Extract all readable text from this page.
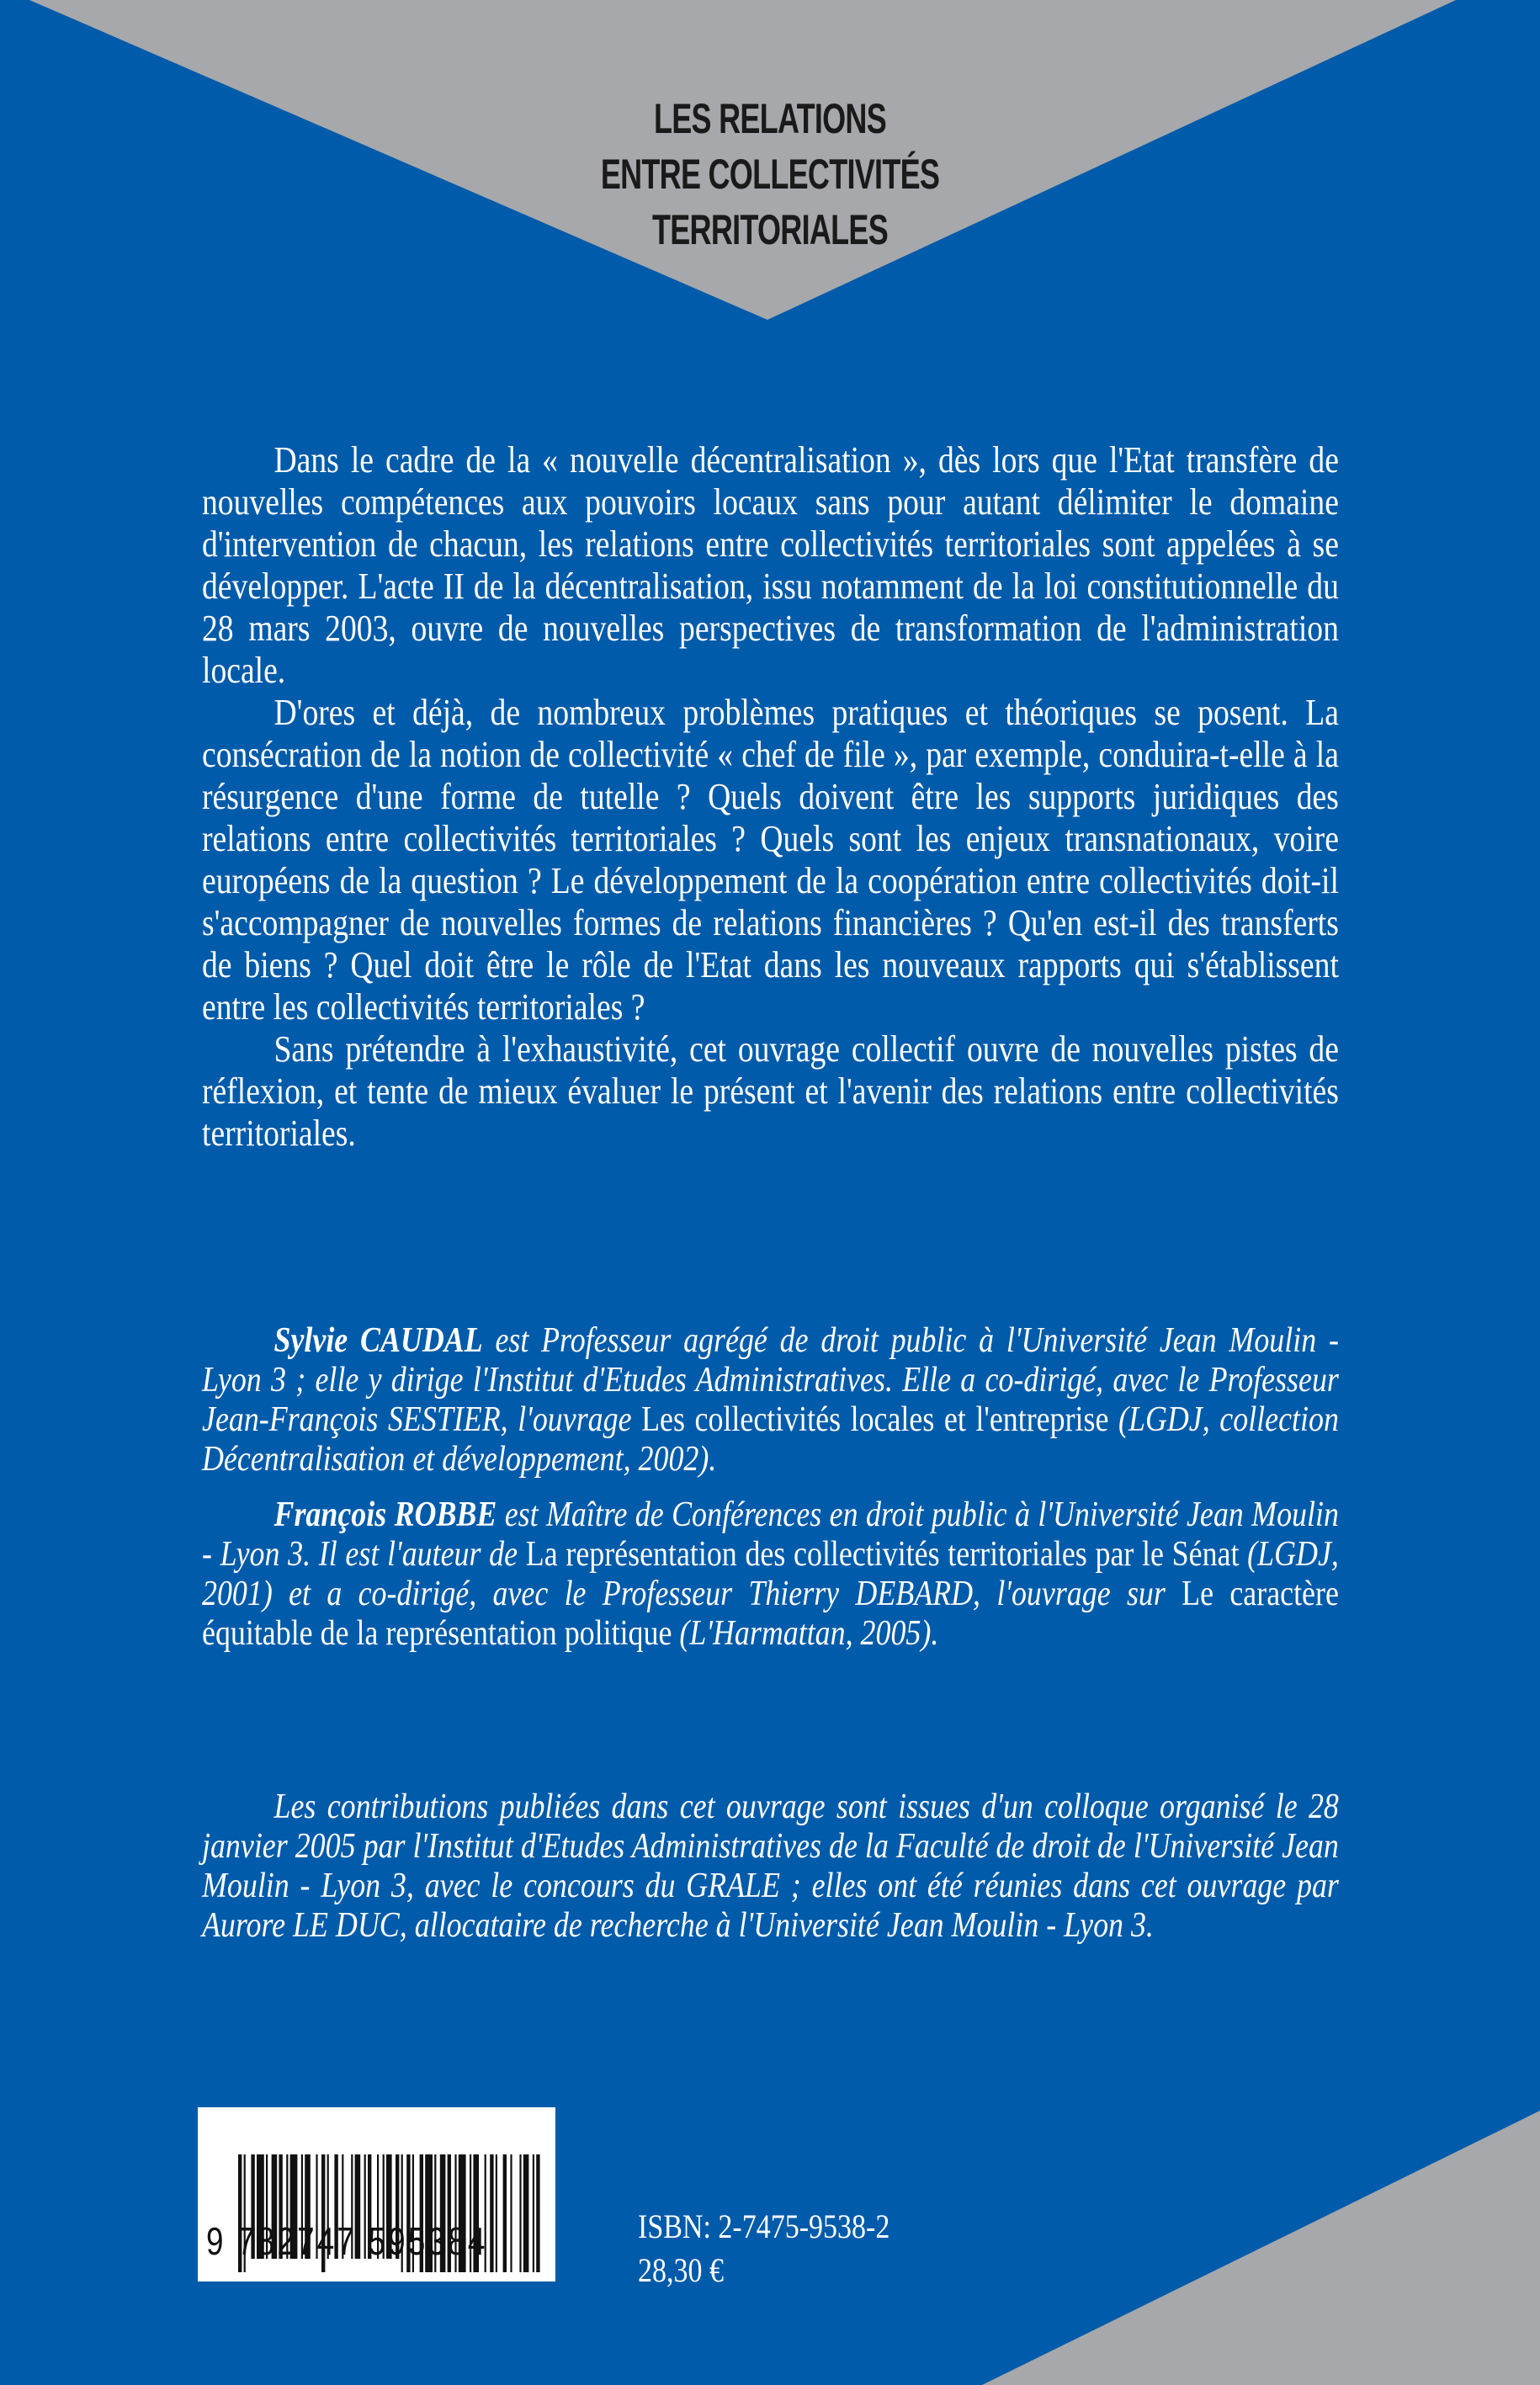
LES RELATIONS
ENTRE COLLECTIVITÉS
TERRITORIALES

Dans le cadre de la « nouvelle décentralisation », dès lors que l'Etat transfère de nouvelles compétences aux pouvoirs locaux sans pour autant délimiter le domaine d'intervention de chacun, les relations entre collectivités territoriales sont appelées à se développer. L'acte II de la décentralisation, issu notamment de la loi constitutionnelle du 28 mars 2003, ouvre de nouvelles perspectives de transformation de l'administration locale.

D'ores et déjà, de nombreux problèmes pratiques et théoriques se posent. La consécration de la notion de collectivité « chef de file », par exemple, conduira-t-elle à la résurgence d'une forme de tutelle ? Quels doivent être les supports juridiques des relations entre collectivités territoriales ? Quels sont les enjeux transnationaux, voire européens de la question ? Le développement de la coopération entre collectivités doit-il s'accompagner de nouvelles formes de relations financières ? Qu'en est-il des transferts de biens ? Quel doit être le rôle de l'Etat dans les nouveaux rapports qui s'établissent entre les collectivités territoriales ?

Sans prétendre à l'exhaustivité, cet ouvrage collectif ouvre de nouvelles pistes de réflexion, et tente de mieux évaluer le présent et l'avenir des relations entre collectivités territoriales.

Sylvie CAUDAL est Professeur agrégé de droit public à l'Université Jean Moulin - Lyon 3 ; elle y dirige l'Institut d'Etudes Administratives. Elle a co-dirigé, avec le Professeur Jean-François SESTIER, l'ouvrage Les collectivités locales et l'entreprise (LGDJ, collection Décentralisation et développement, 2002).

François ROBBE est Maître de Conférences en droit public à l'Université Jean Moulin - Lyon 3. Il est l'auteur de La représentation des collectivités territoriales par le Sénat (LGDJ, 2001) et a co-dirigé, avec le Professeur Thierry DEBARD, l'ouvrage sur Le caractère équitable de la représentation politique (L'Harmattan, 2005).

Les contributions publiées dans cet ouvrage sont issues d'un colloque organisé le 28 janvier 2005 par l'Institut d'Etudes Administratives de la Faculté de droit de l'Université Jean Moulin - Lyon 3, avec le concours du GRALE ; elles ont été réunies dans cet ouvrage par Aurore LE DUC, allocataire de recherche à l'Université Jean Moulin - Lyon 3.

9 782747 595384	ISBN: 2-7475-9538-2
28,30 €
